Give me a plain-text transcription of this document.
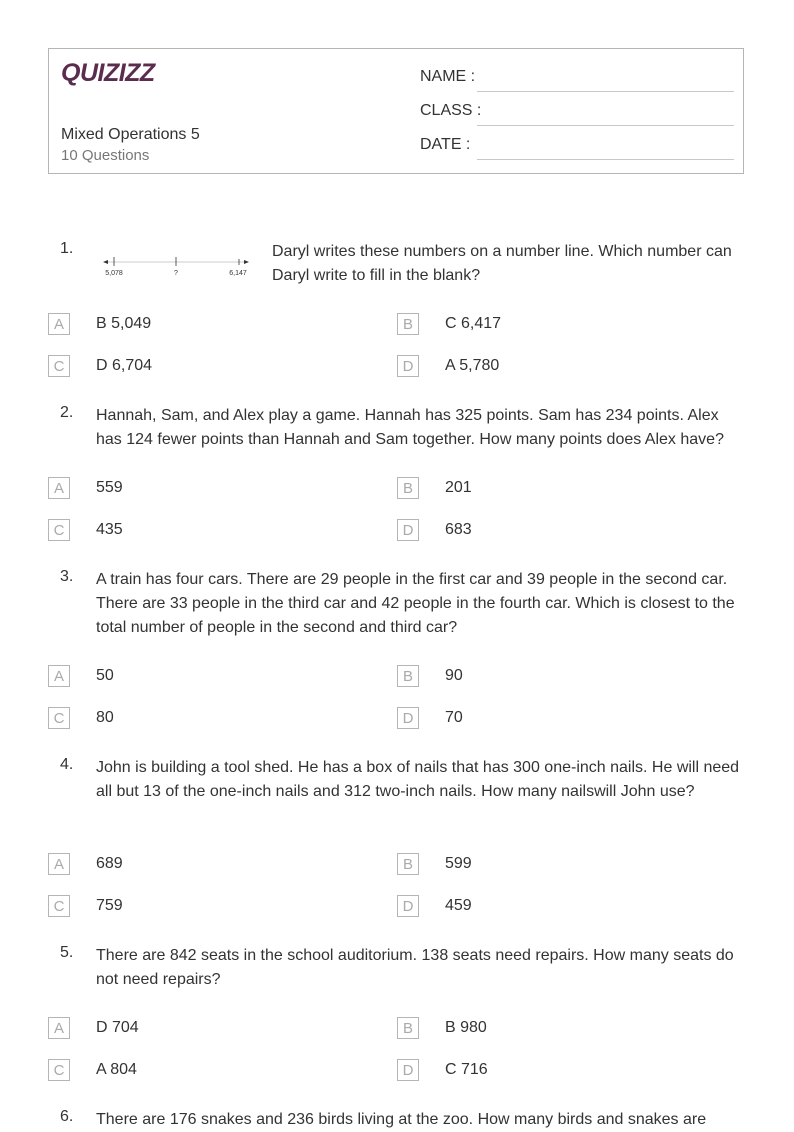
QUIZIZZ
Mixed Operations 5
10 Questions
NAME :
CLASS :
DATE :
1.
5,078	?	6,147
Daryl writes these numbers on a number line. Which number can Daryl write to fill in the blank?
A	B 5,049	B	C 6,417
C	D 6,704	D	A 5,780
2. Hannah, Sam, and Alex play a game. Hannah has 325 points. Sam has 234 points. Alex has 124 fewer points than Hannah and Sam together. How many points does Alex have?
A	559	B	201
C	435	D	683
3. A train has four cars. There are 29 people in the first car and 39 people in the second car. There are 33 people in the third car and 42 people in the fourth car. Which is closest to the total number of people in the second and third car?
A	50	B	90
C	80	D	70
4. John is building a tool shed. He has a box of nails that has 300 one-inch nails. He will need all but 13 of the one-inch nails and 312 two-inch nails. How many nailswill John use?
A	689	B	599
C	759	D	459
5. There are 842 seats in the school auditorium. 138 seats need repairs. How many seats do not need repairs?
A	D 704	B	B 980
C	A 804	D	C 716
6. There are 176 snakes and 236 birds living at the zoo. How many birds and snakes are
